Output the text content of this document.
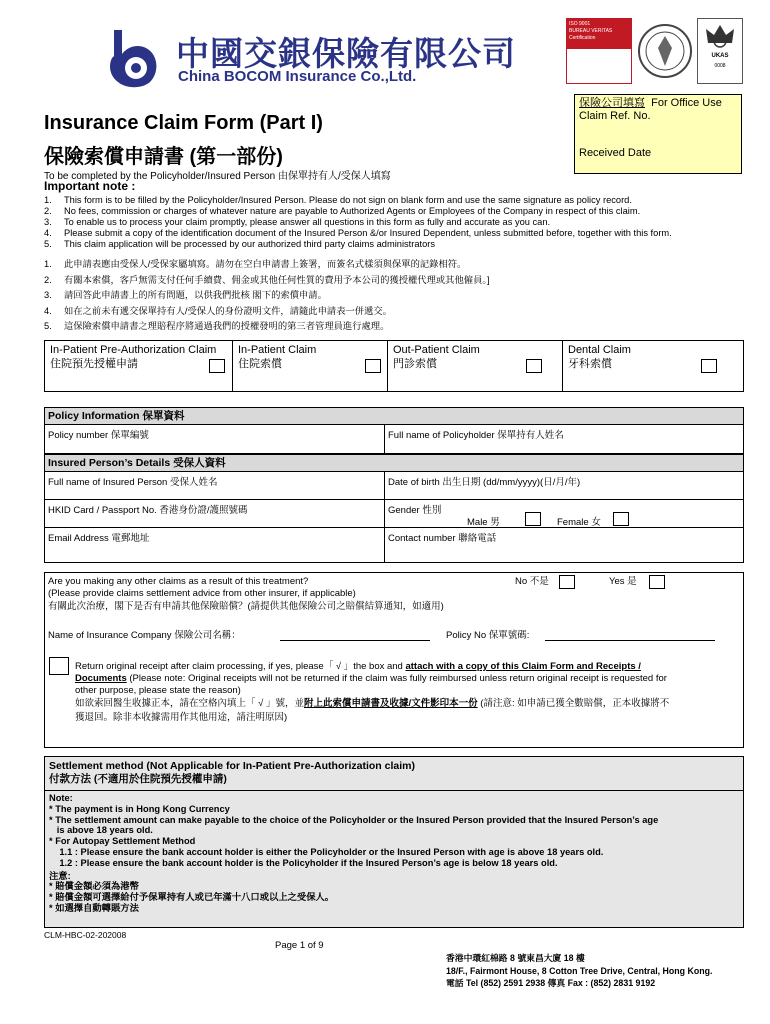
中國交銀保險有限公司
China BOCOM Insurance Co.,Ltd.
ISO 9001
BUREAU VERITAS
Certification
UKAS
0008
保險公司填寫 For Office Use
Claim Ref. No.
Received Date
Insurance Claim Form (Part I)
保險索償申請書 (第一部份)
To be completed by the Policyholder/Insured Person 由保單持有人/受保人填寫
Important note :
1. This form is to be filled by the Policyholder/Insured Person. Please do not sign on blank form and use the same signature as policy record.
2. No fees, commission or charges of whatever nature are payable to Authorized Agents or Employees of the Company in respect of this claim.
3. To enable us to process your claim promptly, please answer all questions in this form as fully and accurate as you can.
4. Please submit a copy of the identification document of the Insured Person &/or Insured Dependent, unless submitted before, together with this form.
5. This claim application will be processed by our authorized third party claims administrators
1. 此申請表應由受保人/受保家屬填寫。請勿在空白申請書上簽署，而簽名式樣須與保單的記錄相符。
2. 有關本索償，客戶無需支付任何手續費、佣金或其他任何性質的費用予本公司的獲授權代理或其他僱員。]
3. 請回答此申請書上的所有問題，以供我們批核 閣下的索償申請。
4. 如在之前未有遞交保單持有人/受保人的身份證明文件，請隨此申請表一併遞交。
5. 這保險索償申請書之理賠程序將通過我們的授權發明的第三者管理員進行處理。
In-Patient Pre-Authorization Claim
住院預先授權申請
In-Patient Claim
住院索償
Out-Patient Claim
門診索償
Dental Claim
牙科索償
Policy Information 保單資料
Policy number 保單編號	Full name of Policyholder 保單持有人姓名
Insured Person’s Details 受保人資料
Full name of Insured Person 受保人姓名	Date of birth 出生日期 (dd/mm/yyyy)(日/月/年)
HKID Card / Passport No. 香港身份證/護照號碼	Gender 性別
Male 男	Female 女
Email Address 電郵地址	Contact number 聯絡電話
Are you making any other claims as a result of this treatment?
(Please provide claims settlement advice from other insurer, if applicable)
有關此次治療，閣下是否有申請其他保險賠償？(請提供其他保險公司之賠償結算通知，如適用)
No 不是	Yes 是
Name of Insurance Company 保險公司名稱：	Policy No 保單號碼:
Return original receipt after claim processing, if yes, please「 √ 」the box and attach with a copy of this Claim Form and Receipts /
Documents (Please note: Original receipts will not be returned if the claim was fully reimbursed unless return original receipt is requested for
other purpose, please state the reason)
如欲索回醫生收據正本，請在空格內填上「 √ 」號，並附上此索償申請書及收據/文件影印本一份 (請注意: 如申請已獲全數賠償，正本收據將不
獲退回。除非本收據需用作其他用途，請注明原因)
Settlement method (Not Applicable for In-Patient Pre-Authorization claim)
付款方法 (不適用於住院預先授權申請)
Note:
* The payment is in Hong Kong Currency
* The settlement amount can make payable to the choice of the Policyholder or the Insured Person provided that the Insured Person’s age
is above 18 years old.
* For Autopay Settlement Method
1.1 : Please ensure the bank account holder is either the Policyholder or the Insured Person with age is above 18 years old.
1.2 : Please ensure the bank account holder is the Policyholder if the Insured Person’s age is below 18 years old.
注意:
* 賠償金額必須為港幣
* 賠償金額可選擇給付予保單持有人或已年滿十八口或以上之受保人。
* 如選擇自動轉賬方法
CLM-HBC-02-202008
Page 1 of 9
香港中環紅棉路 8 號東昌大廈 18 樓
18/F., Fairmont House, 8 Cotton Tree Drive, Central, Hong Kong.
電話 Tel (852) 2591 2938 傳真 Fax : (852) 2831 9192
